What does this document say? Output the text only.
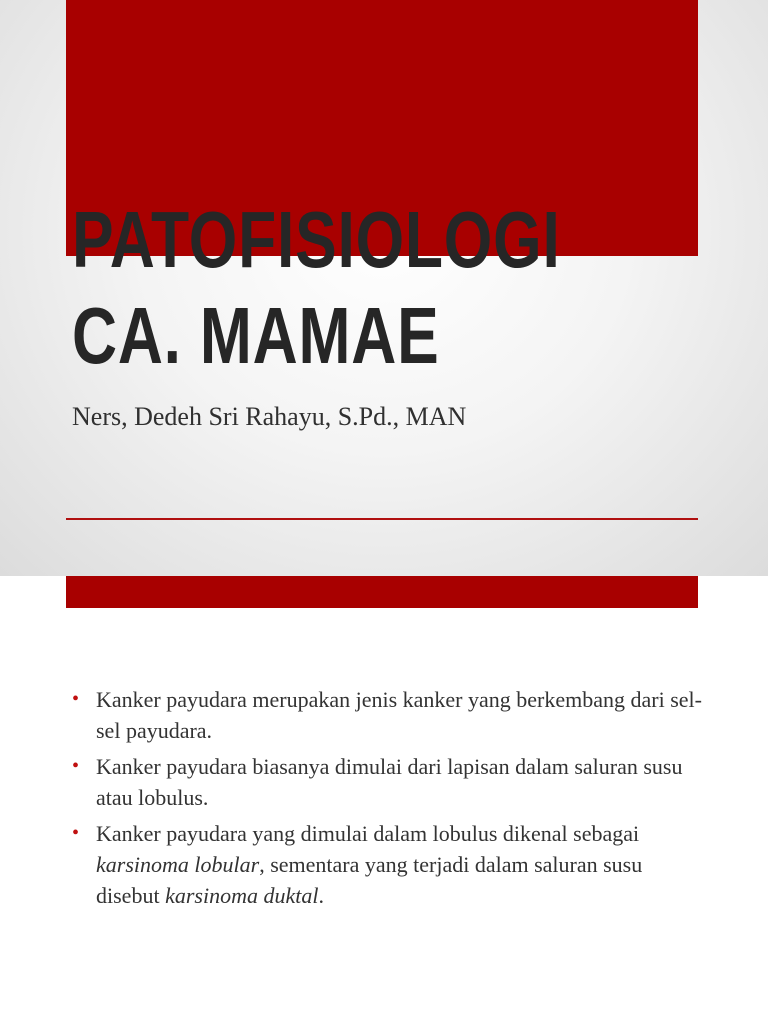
PATOFISIOLOGI
CA. MAMAE

Ners, Dedeh Sri Rahayu, S.Pd., MAN

• Kanker payudara merupakan jenis kanker yang berkembang dari sel-sel payudara.
• Kanker payudara biasanya dimulai dari lapisan dalam saluran susu atau lobulus.
• Kanker payudara yang dimulai dalam lobulus dikenal sebagai karsinoma lobular, sementara yang terjadi dalam saluran susu disebut karsinoma duktal.
